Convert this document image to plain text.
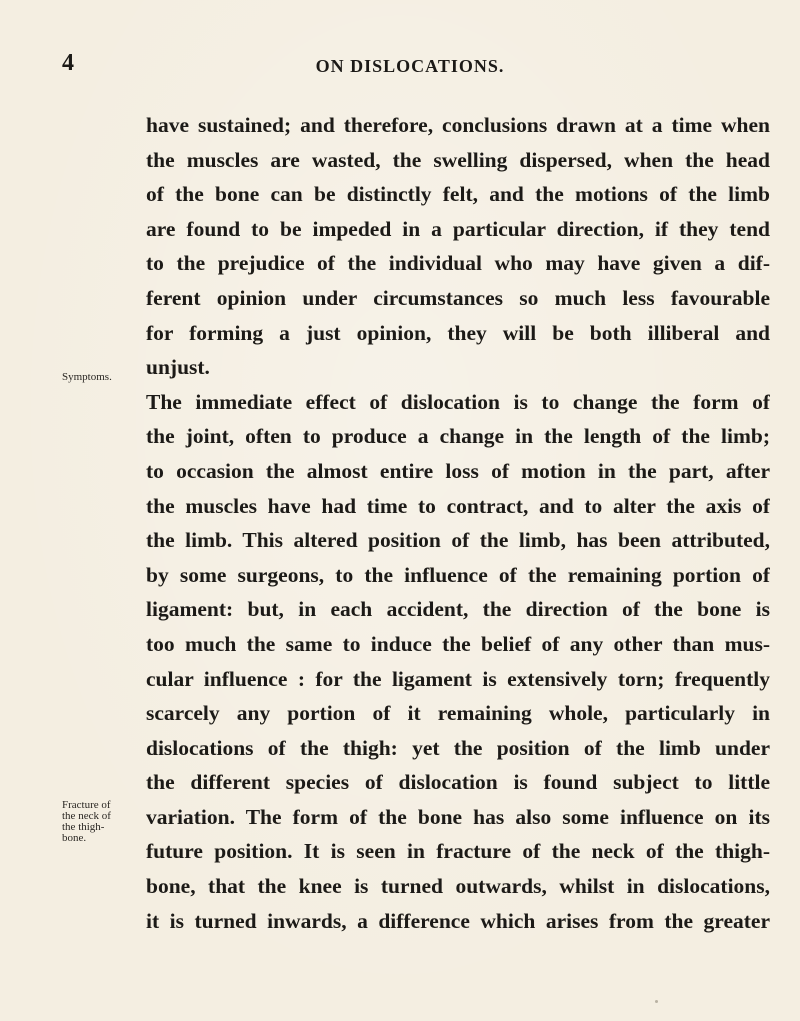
4	ON DISLOCATIONS.
Symptoms.
Fracture of
the neck of
the thigh-
bone.
have sustained; and therefore, conclusions drawn at a time when
the muscles are wasted, the swelling dispersed, when the head
of the bone can be distinctly felt, and the motions of the limb
are found to be impeded in a particular direction, if they tend
to the prejudice of the individual who may have given a dif-
ferent opinion under circumstances so much less favourable
for forming a just opinion, they will be both illiberal and
unjust.
The immediate effect of dislocation is to change the form of
the joint, often to produce a change in the length of the limb;
to occasion the almost entire loss of motion in the part, after
the muscles have had time to contract, and to alter the axis of
the limb. This altered position of the limb, has been attributed,
by some surgeons, to the influence of the remaining portion of
ligament: but, in each accident, the direction of the bone is
too much the same to induce the belief of any other than mus-
cular influence : for the ligament is extensively torn; frequently
scarcely any portion of it remaining whole, particularly in
dislocations of the thigh: yet the position of the limb under
the different species of dislocation is found subject to little
variation. The form of the bone has also some influence on its
future position. It is seen in fracture of the neck of the thigh-
bone, that the knee is turned outwards, whilst in dislocations,
it is turned inwards, a difference which arises from the greater
